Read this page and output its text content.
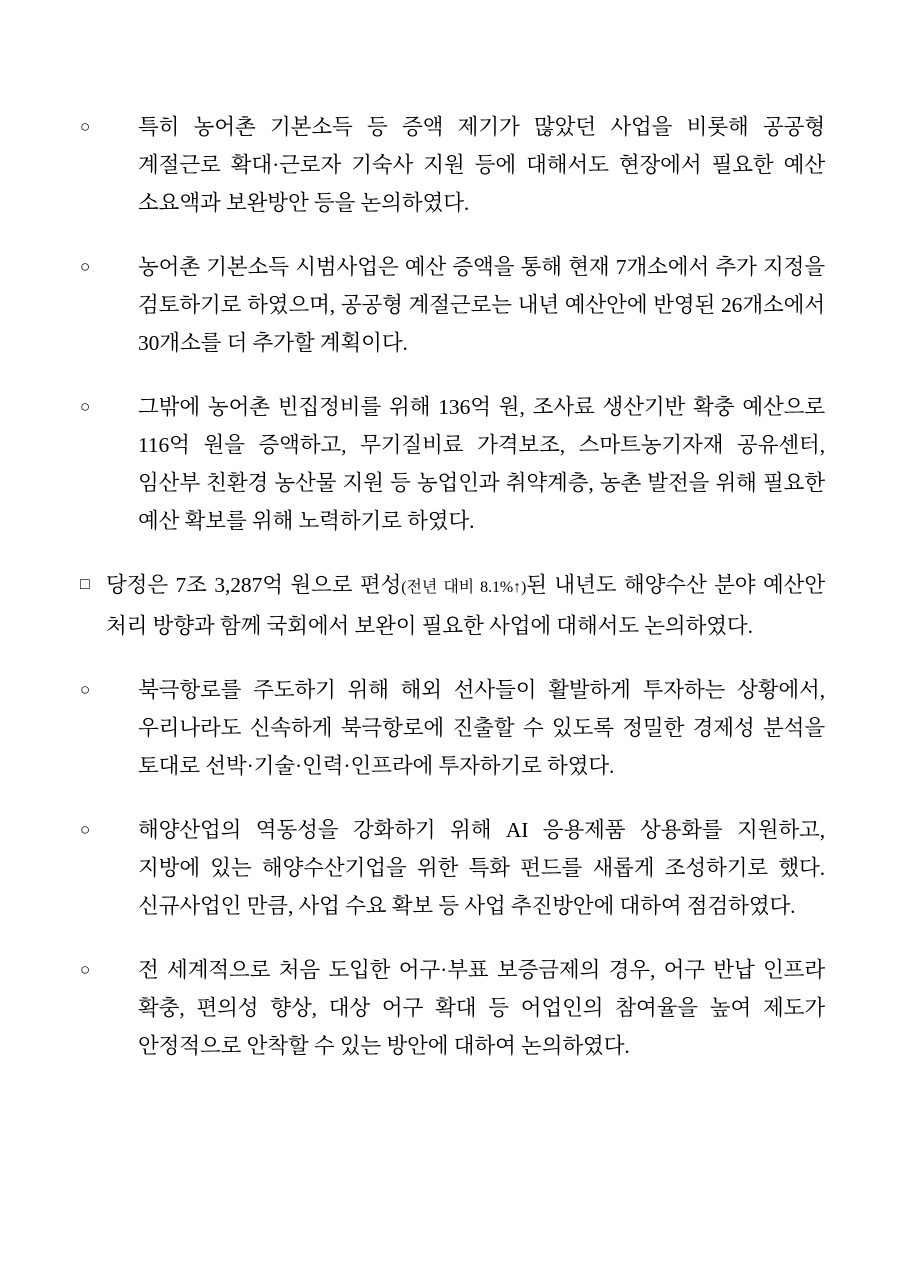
○	특히 농어촌 기본소득 등 증액 제기가 많았던 사업을 비롯해 공공형 계절근로 확대·근로자 기숙사 지원 등에 대해서도 현장에서 필요한 예산 소요액과 보완방안 등을 논의하였다.
○	농어촌 기본소득 시범사업은 예산 증액을 통해 현재 7개소에서 추가 지정을 검토하기로 하였으며, 공공형 계절근로는 내년 예산안에 반영된 26개소에서 30개소를 더 추가할 계획이다.
○	그밖에 농어촌 빈집정비를 위해 136억 원, 조사료 생산기반 확충 예산으로 116억 원을 증액하고, 무기질비료 가격보조, 스마트농기자재 공유센터, 임산부 친환경 농산물 지원 등 농업인과 취약계층, 농촌 발전을 위해 필요한 예산 확보를 위해 노력하기로 하였다.
□ 당정은 7조 3,287억 원으로 편성(전년 대비 8.1%↑)된 내년도 해양수산 분야 예산안 처리 방향과 함께 국회에서 보완이 필요한 사업에 대해서도 논의하였다.
○	북극항로를 주도하기 위해 해외 선사들이 활발하게 투자하는 상황에서, 우리나라도 신속하게 북극항로에 진출할 수 있도록 정밀한 경제성 분석을 토대로 선박·기술·인력·인프라에 투자하기로 하였다.
○	해양산업의 역동성을 강화하기 위해 AI 응용제품 상용화를 지원하고, 지방에 있는 해양수산기업을 위한 특화 펀드를 새롭게 조성하기로 했다. 신규사업인 만큼, 사업 수요 확보 등 사업 추진방안에 대하여 점검하였다.
○	전 세계적으로 처음 도입한 어구·부표 보증금제의 경우, 어구 반납 인프라 확충, 편의성 향상, 대상 어구 확대 등 어업인의 참여율을 높여 제도가 안정적으로 안착할 수 있는 방안에 대하여 논의하였다.
